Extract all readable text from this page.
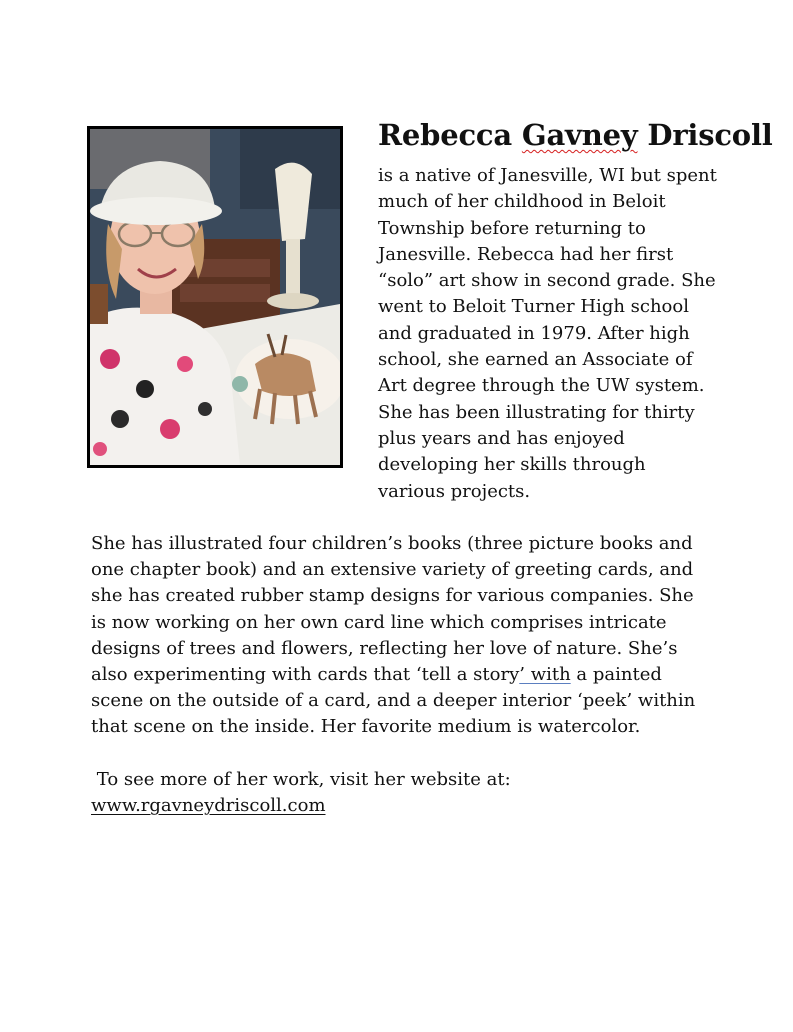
Rebecca Gavney Driscoll
is a native of Janesville, WI but spent
much of her childhood in Beloit
Township before returning to
Janesville. Rebecca had her first
“solo” art show in second grade. She
went to Beloit Turner High school
and graduated in 1979. After high
school, she earned an Associate of
Art degree through the UW system.
She has been illustrating for thirty
plus years and has enjoyed
developing her skills through
various projects.
She has illustrated four children’s books (three picture books and
one chapter book) and an extensive variety of greeting cards, and
she has created rubber stamp designs for various companies. She
is now working on her own card line which comprises intricate
designs of trees and flowers, reflecting her love of nature. She’s
also experimenting with cards that ‘tell a story’ with a painted
scene on the outside of a card, and a deeper interior ‘peek’ within
that scene on the inside. Her favorite medium is watercolor.
To see more of her work, visit her website at:
www.rgavneydriscoll.com
